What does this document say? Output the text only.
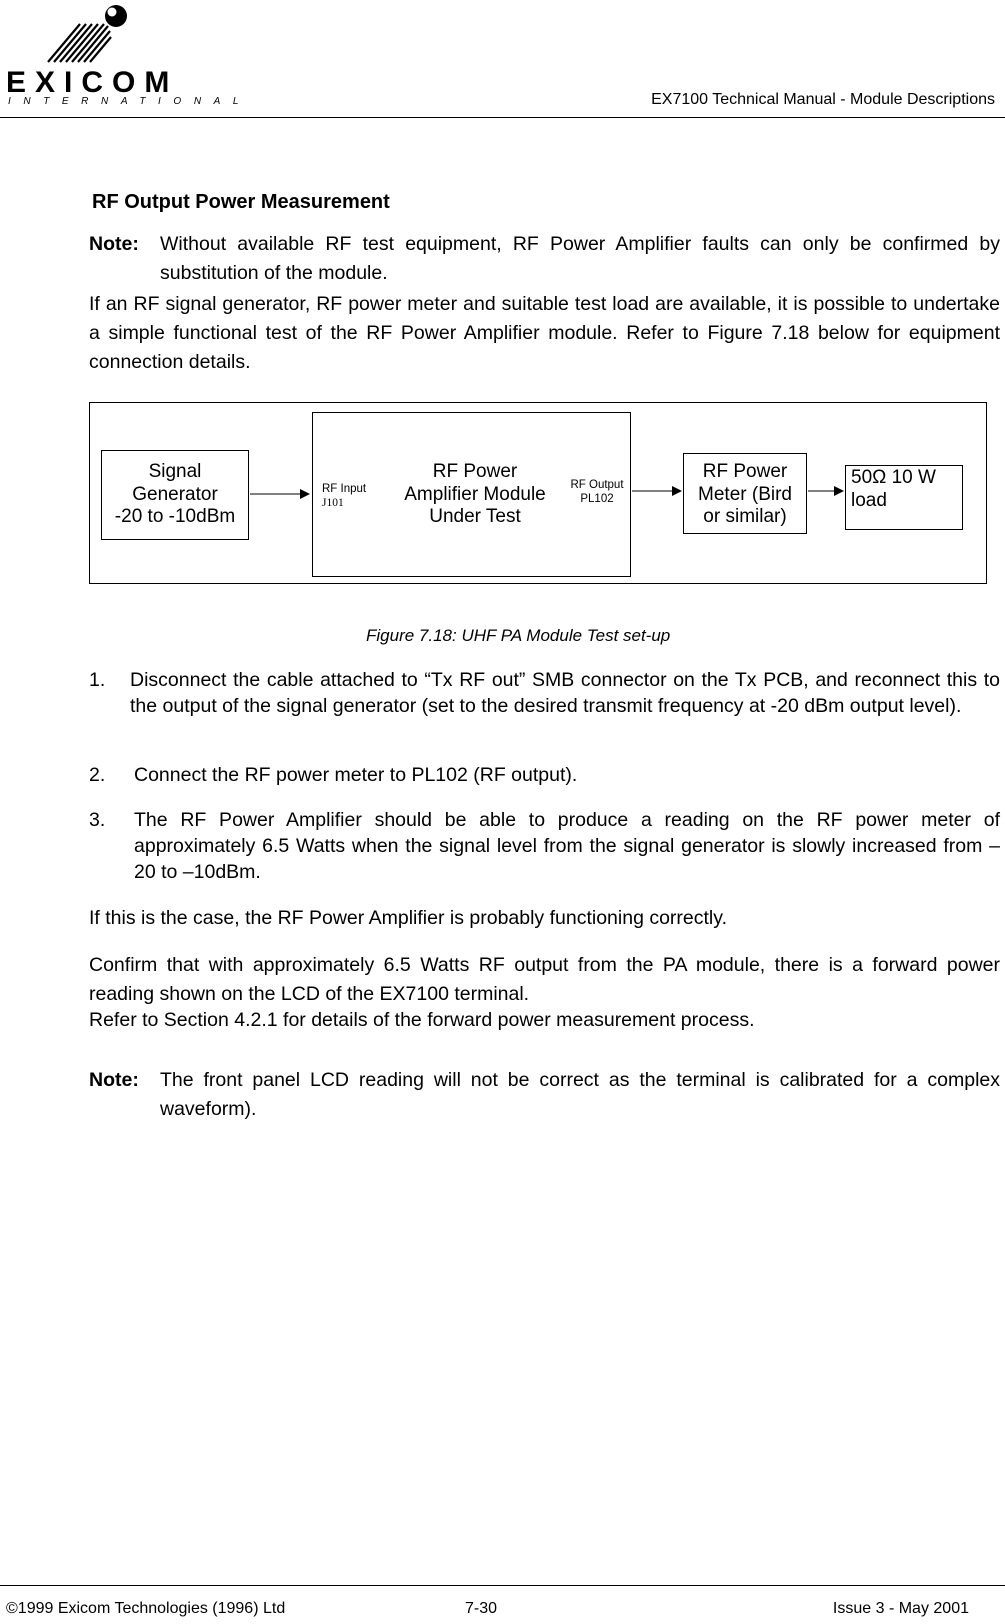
EXICOM
INTERNATIONAL	EX7100 Technical Manual - Module Descriptions
RF Output Power Measurement
Note: Without available RF test equipment, RF Power Amplifier faults can only be confirmed by substitution of the module.
If an RF signal generator, RF power meter and suitable test load are available, it is possible to undertake a simple functional test of the RF Power Amplifier module. Refer to Figure 7.18 below for equipment connection details.
Signal
Generator
-20 to -10dBm
RF Power
Amplifier Module
Under Test
RF Input
J101
RF Output
PL102
RF Power
Meter (Bird
or similar)
50Ω 10 W
load
Figure 7.18: UHF PA Module Test set-up
1. Disconnect the cable attached to “Tx RF out” SMB connector on the Tx PCB, and reconnect this to the output of the signal generator (set to the desired transmit frequency at -20 dBm output level).
2. Connect the RF power meter to PL102 (RF output).
3. The RF Power Amplifier should be able to produce a reading on the RF power meter of approximately 6.5 Watts when the signal level from the signal generator is slowly increased from –20 to –10dBm.
If this is the case, the RF Power Amplifier is probably functioning correctly.
Confirm that with approximately 6.5 Watts RF output from the PA module, there is a forward power reading shown on the LCD of the EX7100 terminal.
Refer to Section 4.2.1 for details of the forward power measurement process.
Note: The front panel LCD reading will not be correct as the terminal is calibrated for a complex waveform).
©1999 Exicom Technologies (1996) Ltd	7-30	Issue 3 - May 2001
